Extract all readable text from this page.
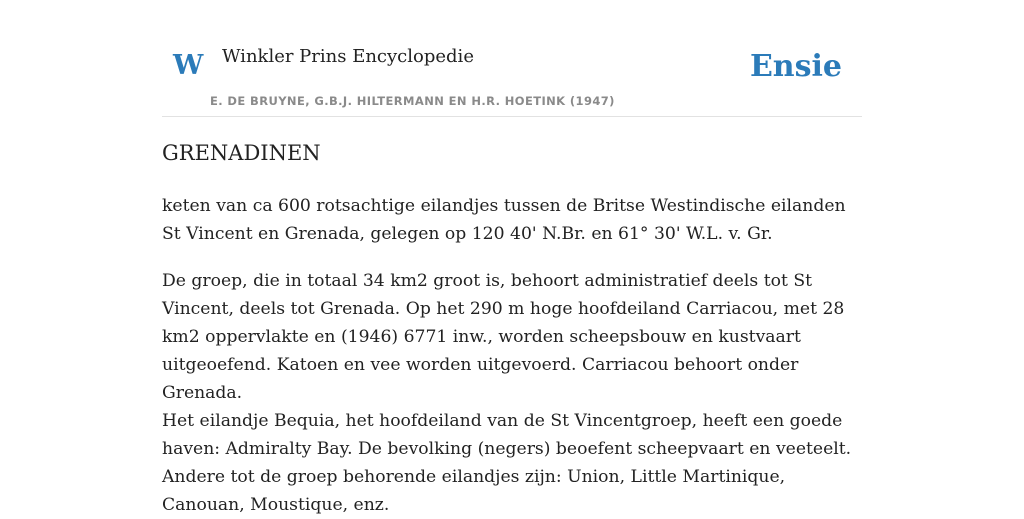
W Winkler Prins Encyclopedie
E. DE BRUYNE, G.B.J. HILTERMANN EN H.R. HOETINK (1947)
Ensie
GRENADINEN

keten van ca 600 rotsachtige eilandjes tussen de Britse Westindische eilanden St Vincent en Grenada, gelegen op 120 40' N.Br. en 61° 30' W.L. v. Gr.

De groep, die in totaal 34 km2 groot is, behoort administratief deels tot St Vincent, deels tot Grenada. Op het 290 m hoge hoofdeiland Carriacou, met 28 km2 oppervlakte en (1946) 6771 inw., worden scheepsbouw en kustvaart uitgeoefend. Katoen en vee worden uitgevoerd. Carriacou behoort onder Grenada.

Het eilandje Bequia, het hoofdeiland van de St Vincentgroep, heeft een goede haven: Admiralty Bay. De bevolking (negers) beoefent scheepvaart en veeteelt. Andere tot de groep behorende eilandjes zijn: Union, Little Martinique, Canouan, Moustique, enz.
